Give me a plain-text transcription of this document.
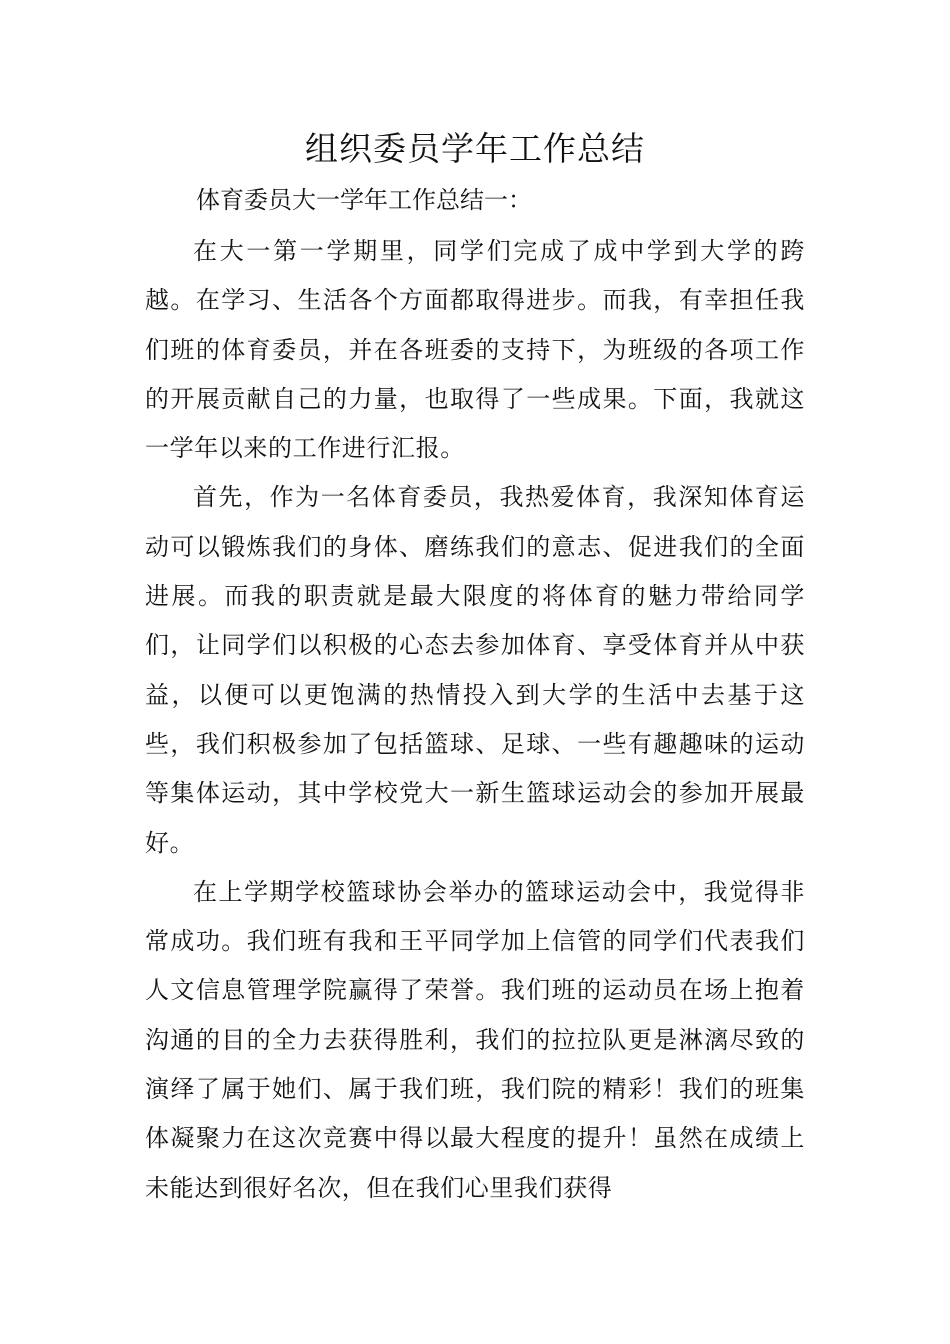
组织委员学年工作总结

体育委员大一学年工作总结一：

在大一第一学期里，同学们完成了成中学到大学的跨越。在学习、生活各个方面都取得进步。而我，有幸担任我们班的体育委员，并在各班委的支持下，为班级的各项工作的开展贡献自己的力量，也取得了一些成果。下面，我就这一学年以来的工作进行汇报。

首先，作为一名体育委员，我热爱体育，我深知体育运动可以锻炼我们的身体、磨练我们的意志、促进我们的全面进展。而我的职责就是最大限度的将体育的魅力带给同学们，让同学们以积极的心态去参加体育、享受体育并从中获益，以便可以更饱满的热情投入到大学的生活中去基于这些，我们积极参加了包括篮球、足球、一些有趣趣味的运动等集体运动，其中学校党大一新生篮球运动会的参加开展最好。

在上学期学校篮球协会举办的篮球运动会中，我觉得非常成功。我们班有我和王平同学加上信管的同学们代表我们人文信息管理学院赢得了荣誉。我们班的运动员在场上抱着沟通的目的全力去获得胜利，我们的拉拉队更是淋漓尽致的演绎了属于她们、属于我们班，我们院的精彩！我们的班集体凝聚力在这次竞赛中得以最大程度的提升！虽然在成绩上未能达到很好名次，但在我们心里我们获得
